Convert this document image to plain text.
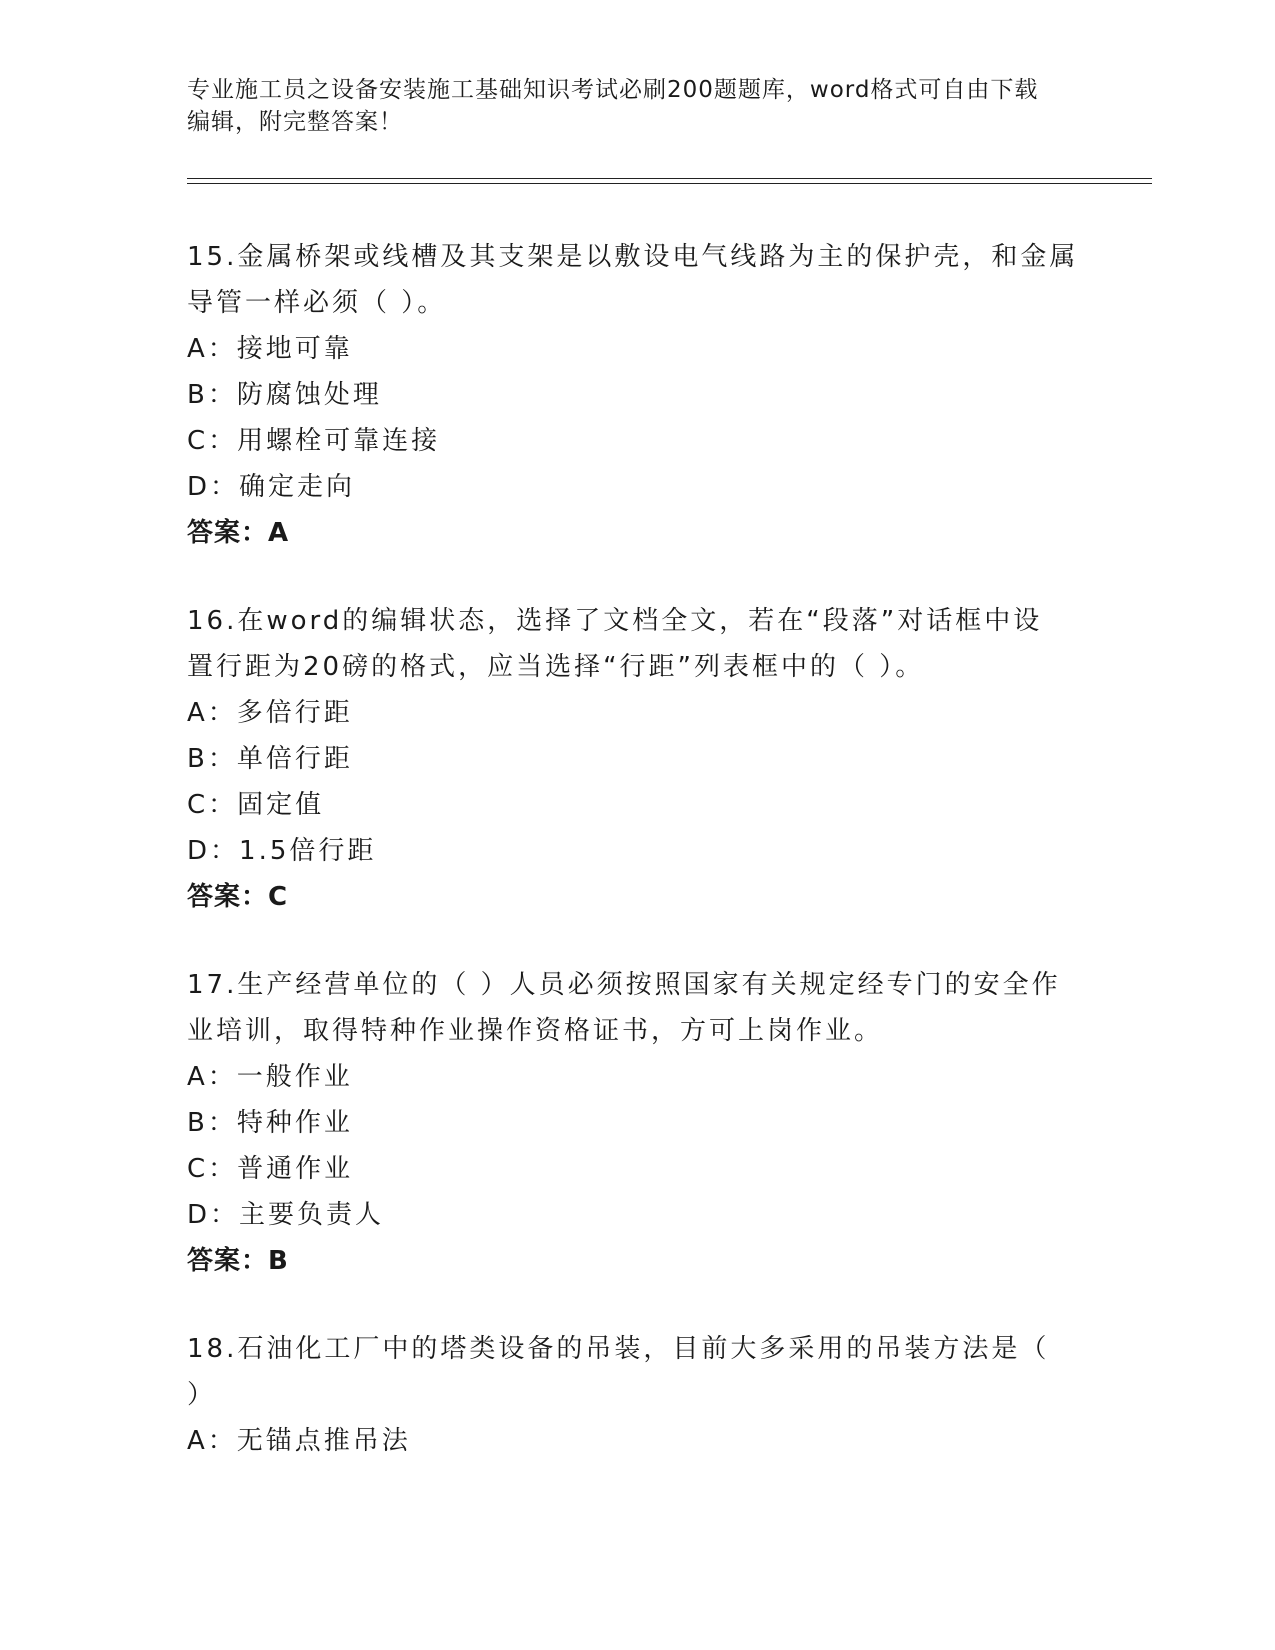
专业施工员之设备安装施工基础知识考试必刷200题题库，word格式可自由下载
编辑，附完整答案！

15.金属桥架或线槽及其支架是以敷设电气线路为主的保护壳，和金属

导管一样必须（ ）。

A：接地可靠

B：防腐蚀处理

C：用螺栓可靠连接

D：确定走向

答案：A

16.在word的编辑状态，选择了文档全文，若在“段落”对话框中设

置行距为20磅的格式，应当选择“行距”列表框中的（ ）。

A：多倍行距

B：单倍行距

C：固定值

D：1.5倍行距

答案：C

17.生产经营单位的（ ）人员必须按照国家有关规定经专门的安全作

业培训，取得特种作业操作资格证书，方可上岗作业。

A：一般作业

B：特种作业

C：普通作业

D：主要负责人

答案：B

18.石油化工厂中的塔类设备的吊装，目前大多采用的吊装方法是（

）

A：无锚点推吊法
